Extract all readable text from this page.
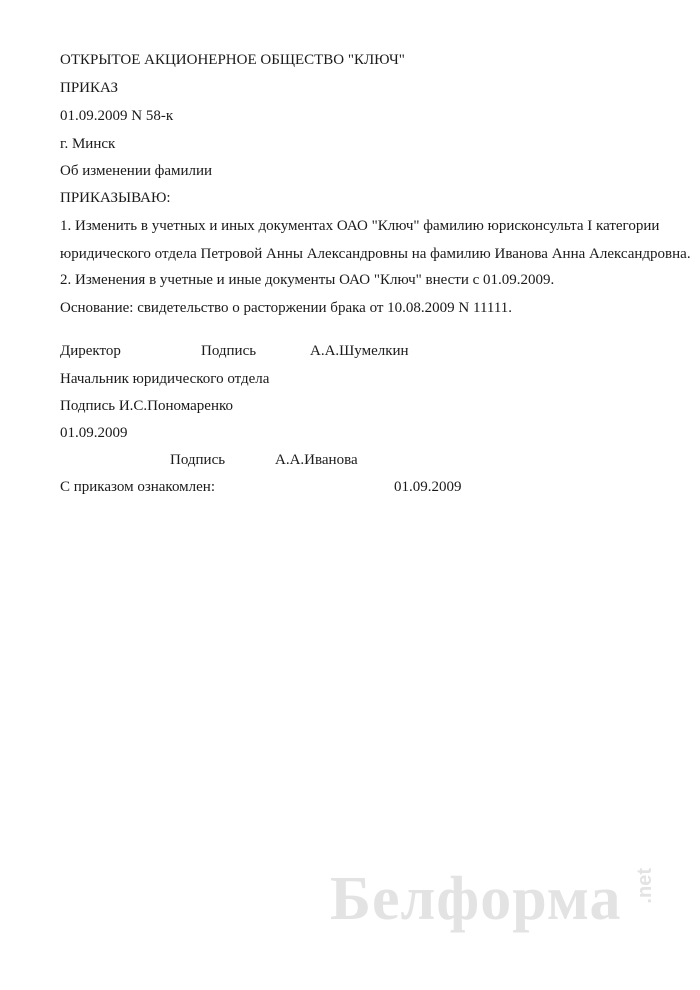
ОТКРЫТОЕ АКЦИОНЕРНОЕ ОБЩЕСТВО "КЛЮЧ"
ПРИКАЗ
01.09.2009 N 58-к
г. Минск
Об изменении фамилии
ПРИКАЗЫВАЮ:
1. Изменить в учетных и иных документах ОАО "Ключ" фамилию юрисконсульта I категории
юридического отдела Петровой Анны Александровны на фамилию Иванова Анна Александровна.
2. Изменения в учетные и иные документы ОАО "Ключ" внести с 01.09.2009.
Основание: свидетельство о расторжении брака от 10.08.2009 N 11111.
Директор	Подпись	А.А.Шумелкин
Начальник юридического отдела
Подпись И.С.Пономаренко
01.09.2009
Подпись	А.А.Иванова
С приказом ознакомлен:	01.09.2009
Белформа .net
